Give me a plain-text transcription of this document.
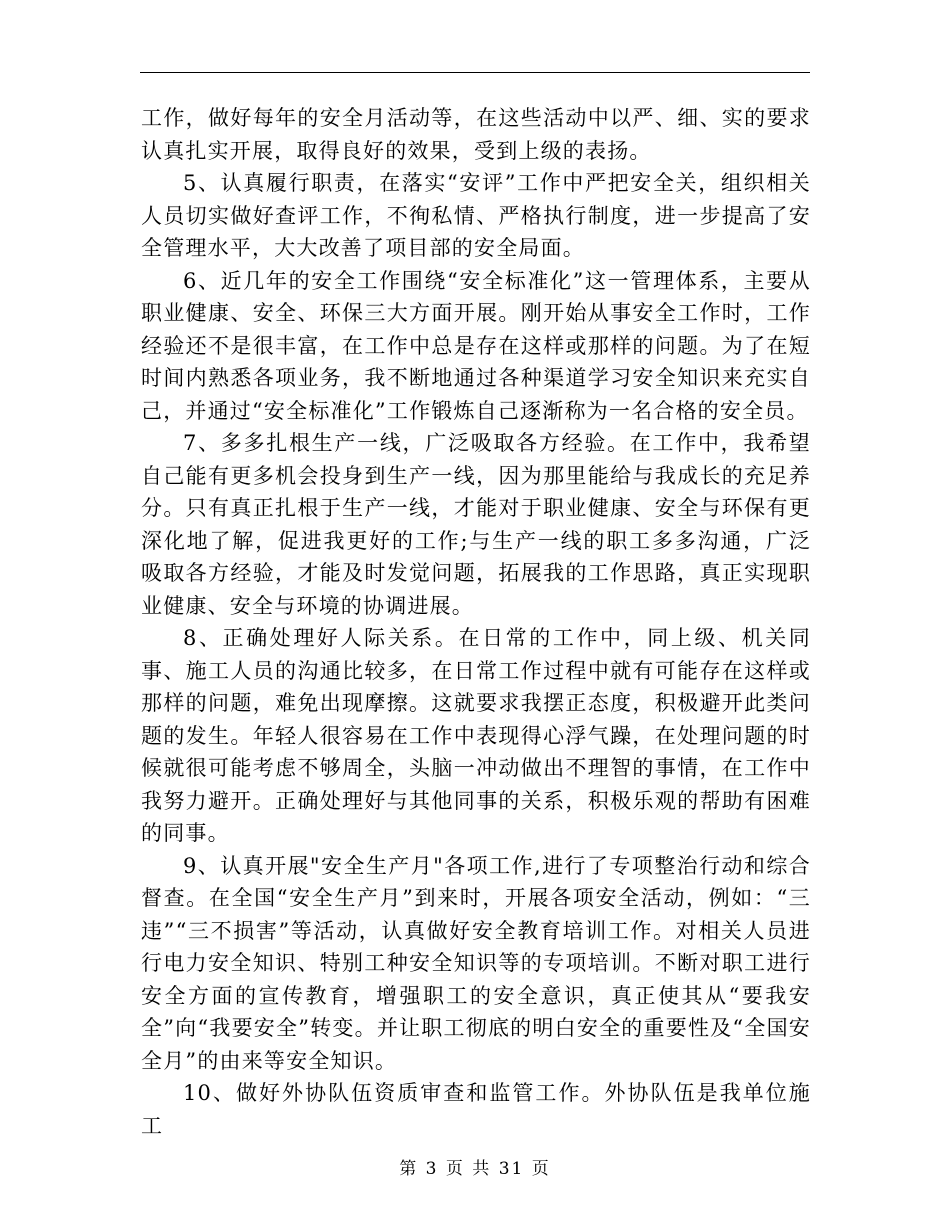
工作，做好每年的安全月活动等，在这些活动中以严、细、实的要求认真扎实开展，取得良好的效果，受到上级的表扬。

5、认真履行职责，在落实“安评”工作中严把安全关，组织相关人员切实做好查评工作，不徇私情、严格执行制度，进一步提高了安全管理水平，大大改善了项目部的安全局面。

6、近几年的安全工作围绕“安全标准化”这一管理体系，主要从职业健康、安全、环保三大方面开展。刚开始从事安全工作时，工作经验还不是很丰富，在工作中总是存在这样或那样的问题。为了在短时间内熟悉各项业务，我不断地通过各种渠道学习安全知识来充实自己，并通过“安全标准化”工作锻炼自己逐渐称为一名合格的安全员。

7、多多扎根生产一线，广泛吸取各方经验。在工作中，我希望自己能有更多机会投身到生产一线，因为那里能给与我成长的充足养分。只有真正扎根于生产一线，才能对于职业健康、安全与环保有更深化地了解，促进我更好的工作;与生产一线的职工多多沟通，广泛吸取各方经验，才能及时发觉问题，拓展我的工作思路，真正实现职业健康、安全与环境的协调进展。

8、正确处理好人际关系。在日常的工作中，同上级、机关同事、施工人员的沟通比较多，在日常工作过程中就有可能存在这样或那样的问题，难免出现摩擦。这就要求我摆正态度，积极避开此类问题的发生。年轻人很容易在工作中表现得心浮气躁，在处理问题的时候就很可能考虑不够周全，头脑一冲动做出不理智的事情，在工作中我努力避开。正确处理好与其他同事的关系，积极乐观的帮助有困难的同事。

9、认真开展"安全生产月"各项工作,进行了专项整治行动和综合督查。在全国“安全生产月”到来时，开展各项安全活动，例如：“三违”“三不损害”等活动，认真做好安全教育培训工作。对相关人员进行电力安全知识、特别工种安全知识等的专项培训。不断对职工进行安全方面的宣传教育，增强职工的安全意识，真正使其从“要我安全”向“我要安全”转变。并让职工彻底的明白安全的重要性及“全国安全月”的由来等安全知识。

10、做好外协队伍资质审查和监管工作。外协队伍是我单位施工

第 3 页 共 31 页
